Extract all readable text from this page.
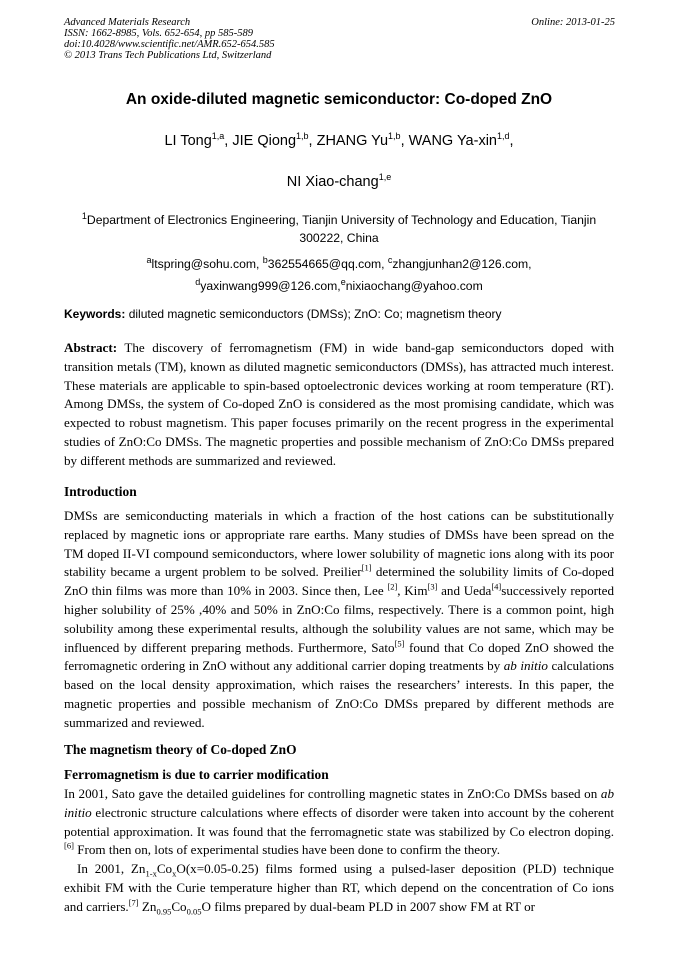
Advanced Materials Research
ISSN: 1662-8985, Vols. 652-654, pp 585-589
doi:10.4028/www.scientific.net/AMR.652-654.585
© 2013 Trans Tech Publications Ltd, Switzerland
Online: 2013-01-25
An oxide-diluted magnetic semiconductor: Co-doped ZnO
LI Tong$^{1,a}$, JIE Qiong$^{1,b}$, ZHANG Yu$^{1,b}$, WANG Ya-xin$^{1,d}$,
NI Xiao-chang$^{1,e}$
$^1$Department of Electronics Engineering, Tianjin University of Technology and Education, Tianjin
300222, China
$^a$ltspring@sohu.com, $^b$362554665@qq.com, $^c$zhangjunhan2@126.com,
$^d$yaxinwang999@126.com,$^e$nixiaochang@yahoo.com
Keywords: diluted magnetic semiconductors (DMSs); ZnO: Co; magnetism theory
Abstract: The discovery of ferromagnetism (FM) in wide band-gap semiconductors doped with transition metals (TM), known as diluted magnetic semiconductors (DMSs), has attracted much interest. These materials are applicable to spin-based optoelectronic devices working at room temperature (RT). Among DMSs, the system of Co-doped ZnO is considered as the most promising candidate, which was expected to robust magnetism. This paper focuses primarily on the recent progress in the experimental studies of ZnO:Co DMSs. The magnetic properties and possible mechanism of ZnO:Co DMSs prepared by different methods are summarized and reviewed.
Introduction
DMSs are semiconducting materials in which a fraction of the host cations can be substitutionally replaced by magnetic ions or appropriate rare earths. Many studies of DMSs have been spread on the TM doped II-VI compound semiconductors, where lower solubility of magnetic ions along with its poor stability became a urgent problem to be solved. Preilier[1] determined the solubility limits of Co-doped ZnO thin films was more than 10% in 2003. Since then, Lee [2], Kim[3] and Ueda[4]successively reported higher solubility of 25% ,40% and 50% in ZnO:Co films, respectively. There is a common point, high solubility among these experimental results, although the solubility values are not same, which may be influenced by different preparing methods. Furthermore, Sato[5] found that Co doped ZnO showed the ferromagnetic ordering in ZnO without any additional carrier doping treatments by ab initio calculations based on the local density approximation, which raises the researchers’ interests. In this paper, the magnetic properties and possible mechanism of ZnO:Co DMSs prepared by different methods are summarized and reviewed.
The magnetism theory of Co-doped ZnO
Ferromagnetism is due to carrier modification
In 2001, Sato gave the detailed guidelines for controlling magnetic states in ZnO:Co DMSs based on ab initio electronic structure calculations where effects of disorder were taken into account by the coherent potential approximation. It was found that the ferromagnetic state was stabilized by Co electron doping.[6] From then on, lots of experimental studies have been done to confirm the theory.
In 2001, $Zn_{1-x}Co_xO(x=0.05-0.25)$ films formed using a pulsed-laser deposition (PLD) technique exhibit FM with the Curie temperature higher than RT, which depend on the concentration of Co ions and carriers.[7] $Zn_{0.95}Co_{0.05}O$ films prepared by dual-beam PLD in 2007 show FM at RT or
